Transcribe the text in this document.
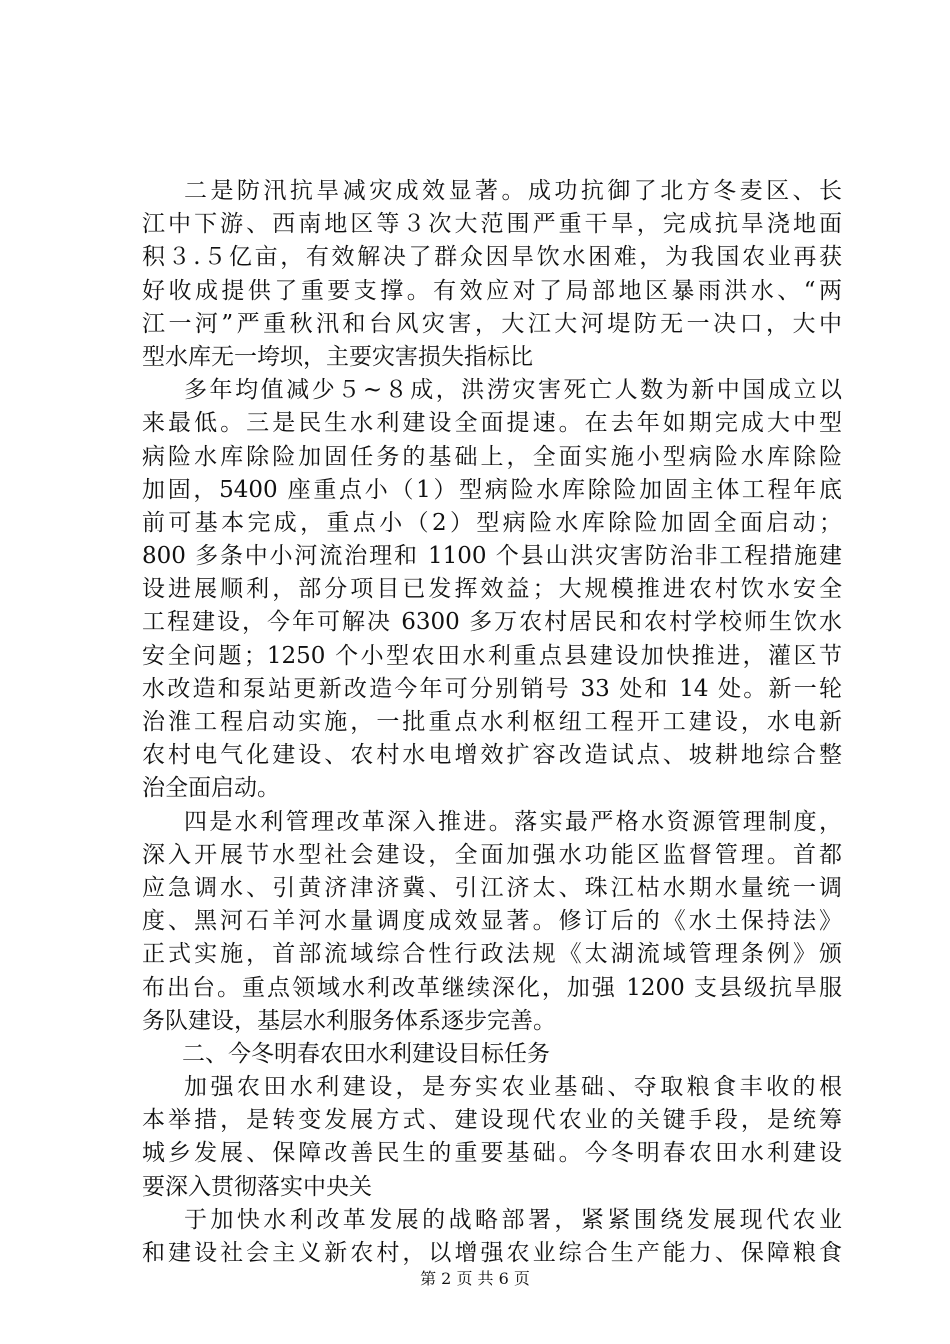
二是防汛抗旱减灾成效显著。成功抗御了北方冬麦区、长
江中下游、西南地区等３次大范围严重干旱，完成抗旱浇地面
积３.５亿亩，有效解决了群众因旱饮水困难，为我国农业再获
好收成提供了重要支撑。有效应对了局部地区暴雨洪水、“两
江一河”严重秋汛和台风灾害，大江大河堤防无一决口，大中
型水库无一垮坝，主要灾害损失指标比
多年均值减少５~８成，洪涝灾害死亡人数为新中国成立以
来最低。三是民生水利建设全面提速。在去年如期完成大中型
病险水库除险加固任务的基础上，全面实施小型病险水库除险
加固，5400 座重点小（1）型病险水库除险加固主体工程年底
前可基本完成，重点小（2）型病险水库除险加固全面启动；
800 多条中小河流治理和 1100 个县山洪灾害防治非工程措施建
设进展顺利，部分项目已发挥效益；大规模推进农村饮水安全
工程建设，今年可解决 6300 多万农村居民和农村学校师生饮水
安全问题；1250 个小型农田水利重点县建设加快推进，灌区节
水改造和泵站更新改造今年可分别销号 33 处和 14 处。新一轮
治淮工程启动实施，一批重点水利枢纽工程开工建设，水电新
农村电气化建设、农村水电增效扩容改造试点、坡耕地综合整
治全面启动。
四是水利管理改革深入推进。落实最严格水资源管理制度，
深入开展节水型社会建设，全面加强水功能区监督管理。首都
应急调水、引黄济津济冀、引江济太、珠江枯水期水量统一调
度、黑河石羊河水量调度成效显著。修订后的《水土保持法》
正式实施，首部流域综合性行政法规《太湖流域管理条例》颁
布出台。重点领域水利改革继续深化，加强 1200 支县级抗旱服
务队建设，基层水利服务体系逐步完善。
二、今冬明春农田水利建设目标任务
加强农田水利建设，是夯实农业基础、夺取粮食丰收的根
本举措，是转变发展方式、建设现代农业的关键手段，是统筹
城乡发展、保障改善民生的重要基础。今冬明春农田水利建设
要深入贯彻落实中央关
于加快水利改革发展的战略部署，紧紧围绕发展现代农业
和建设社会主义新农村，以增强农业综合生产能力、保障粮食
第 2 页 共 6 页
